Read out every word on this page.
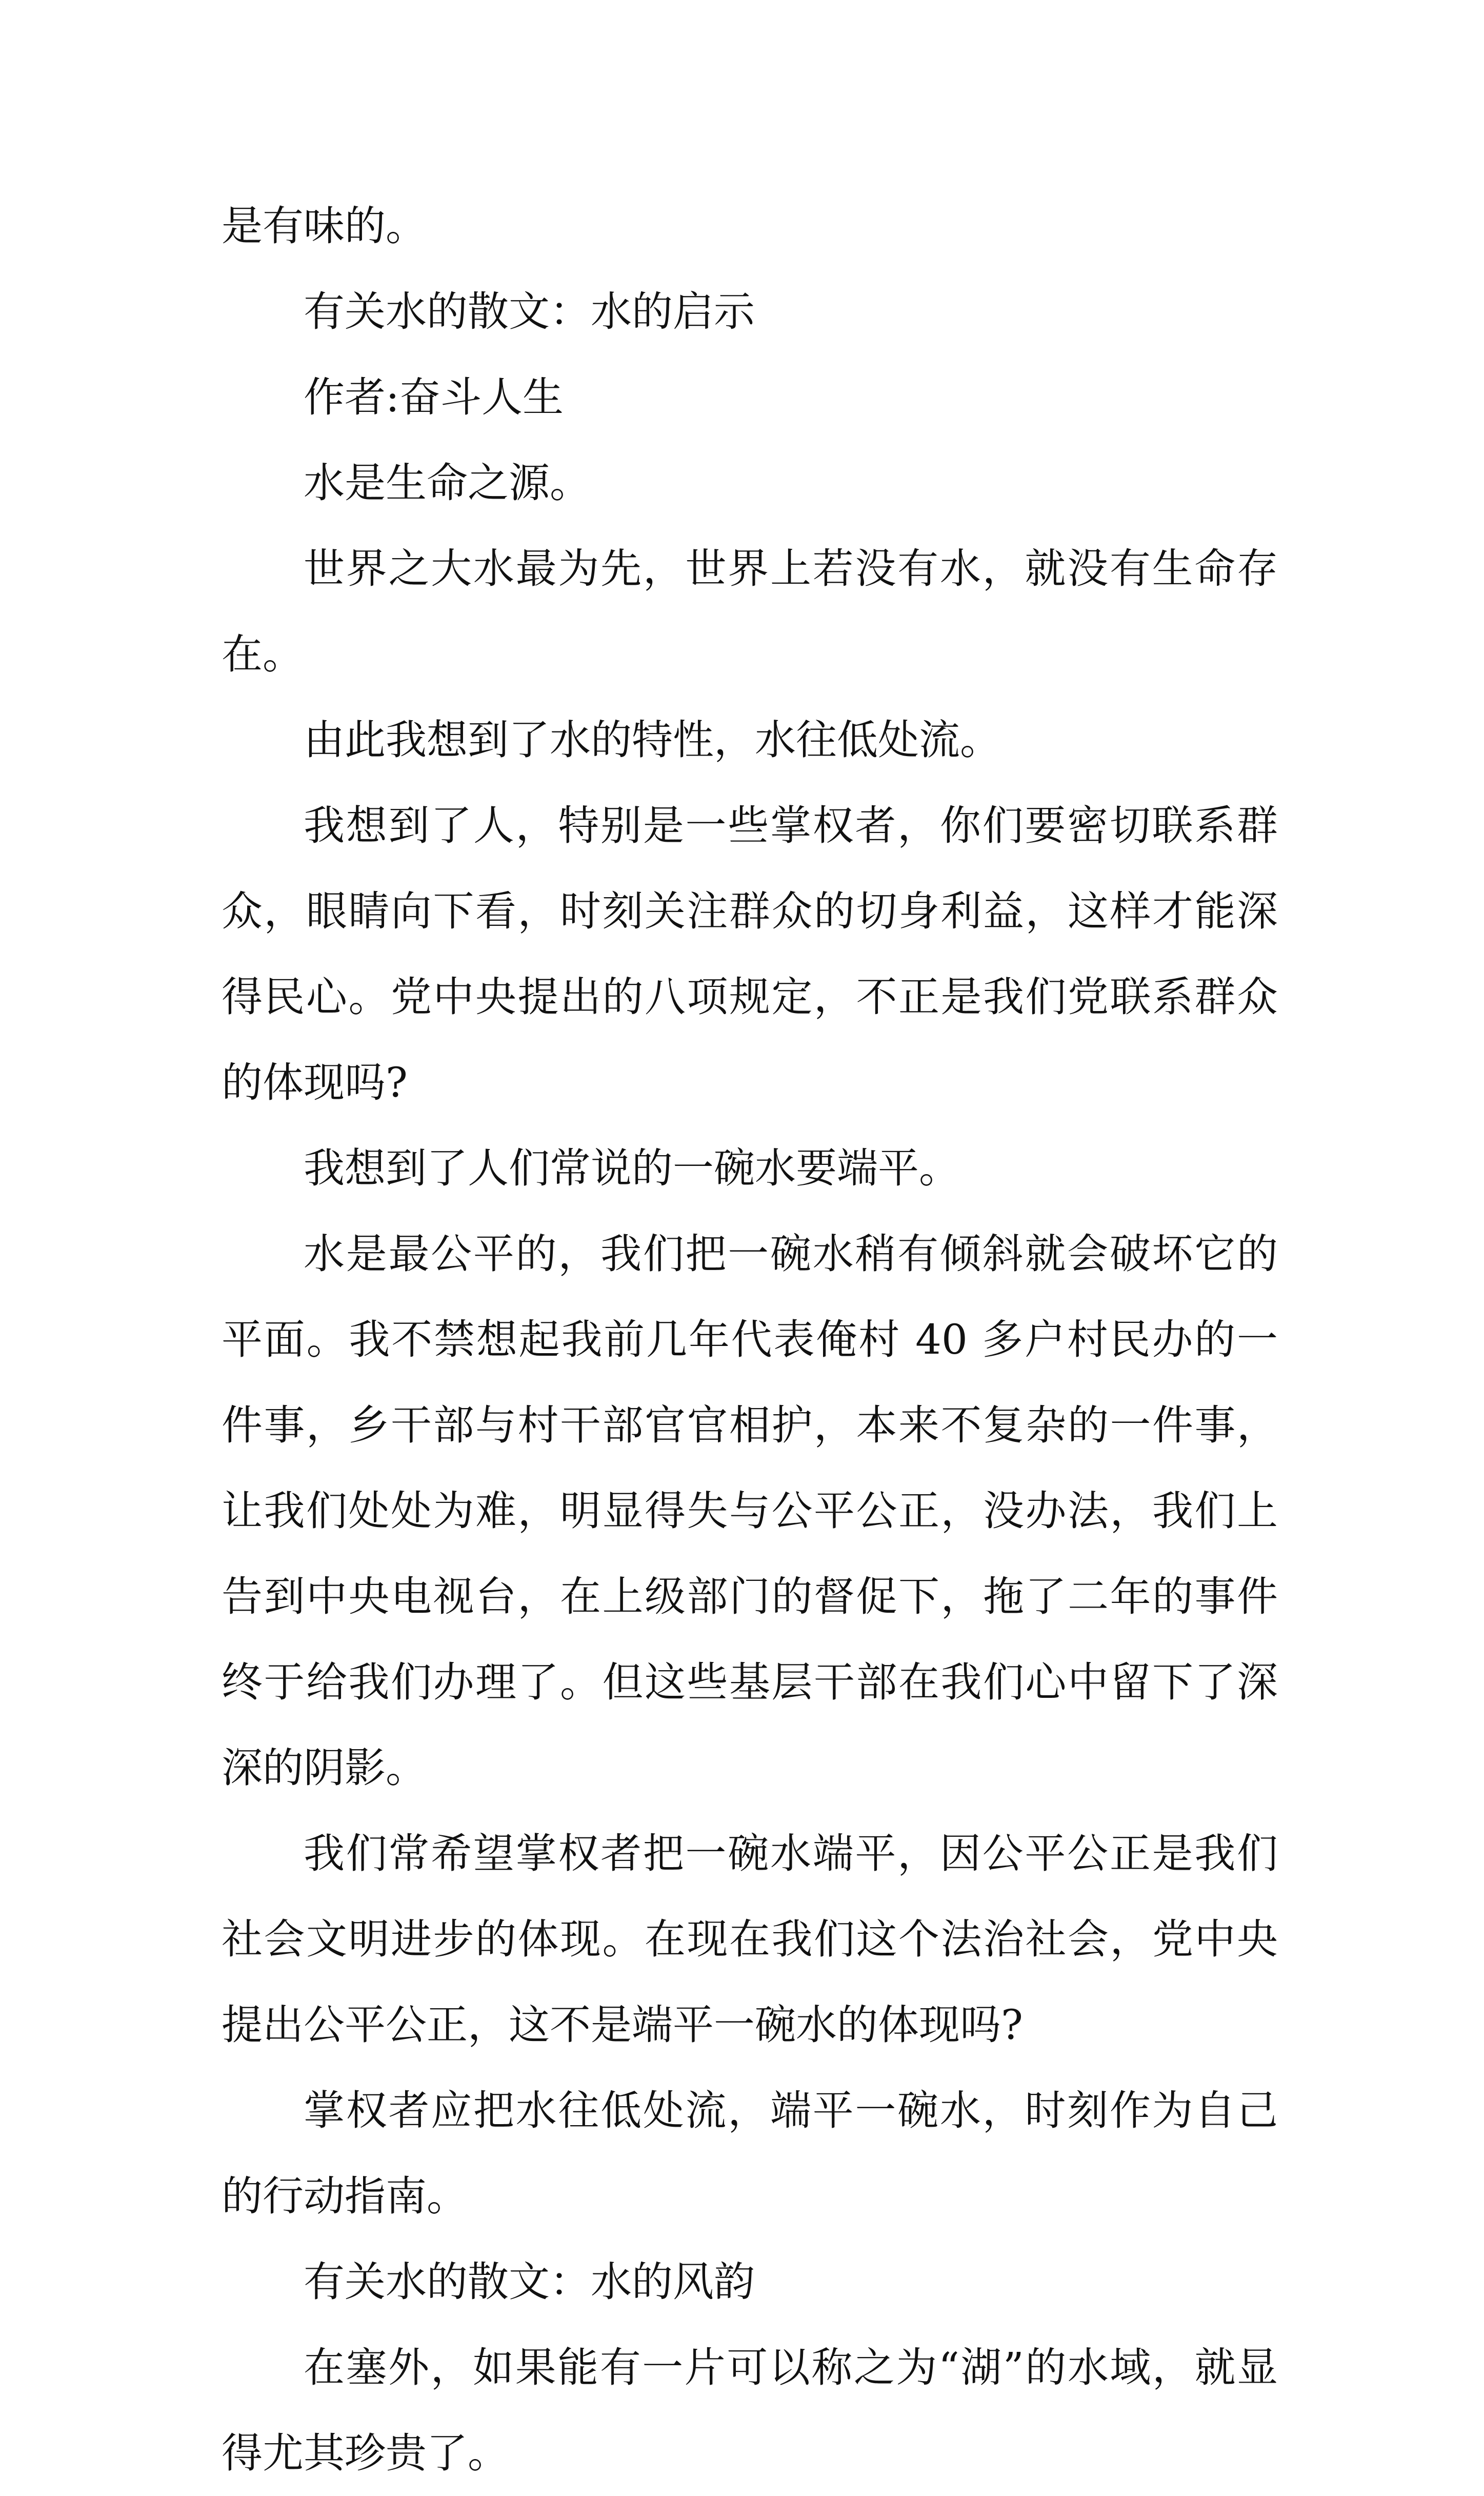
是有味的。

有关水的散文：水的启示

作者:奋斗人生

水是生命之源。

世界之大水最为先，世界上若没有水，就没有生命存在。

由此我想到了水的特性，水往低处流。

我想到了人，特别是一些掌权者，你们要密切联系群众，眼睛向下看，时刻关注群众的切身利益，这样才能深得民心。党中央提出的八项规定，不正是我们党联系群众的体现吗?

我想到了人们常说的一碗水要端平。

水是最公平的，我们把一碗水稍有倾斜就会破坏它的平面。我不禁想起我前几年代表俺村 40 多户村民办的一件事，乡干部与村干部官官相护，本来不复杂的一件事，让我们处处为难，明显得失与公平公正，没办法，我们上告到中央电视台，在上级部门的督促下，拖了二年的事件终于给我们办理了。但这些基层干部在我们心中留下了深深的阴影。

我们常希望掌权者把一碗水端平，因公平公正是我们社会文明进步的体现。在现在我们这个法治社会，党中央提出公平公正，这不是端平一碗水的体现吗?

掌权者应把水往低处流，端平一碗水，时刻作为自己的行动指南。

有关水的散文：水的风韵

在塞外，如果能有一片可以称之为“湖”的水域，就显得尤其珍贵了。
